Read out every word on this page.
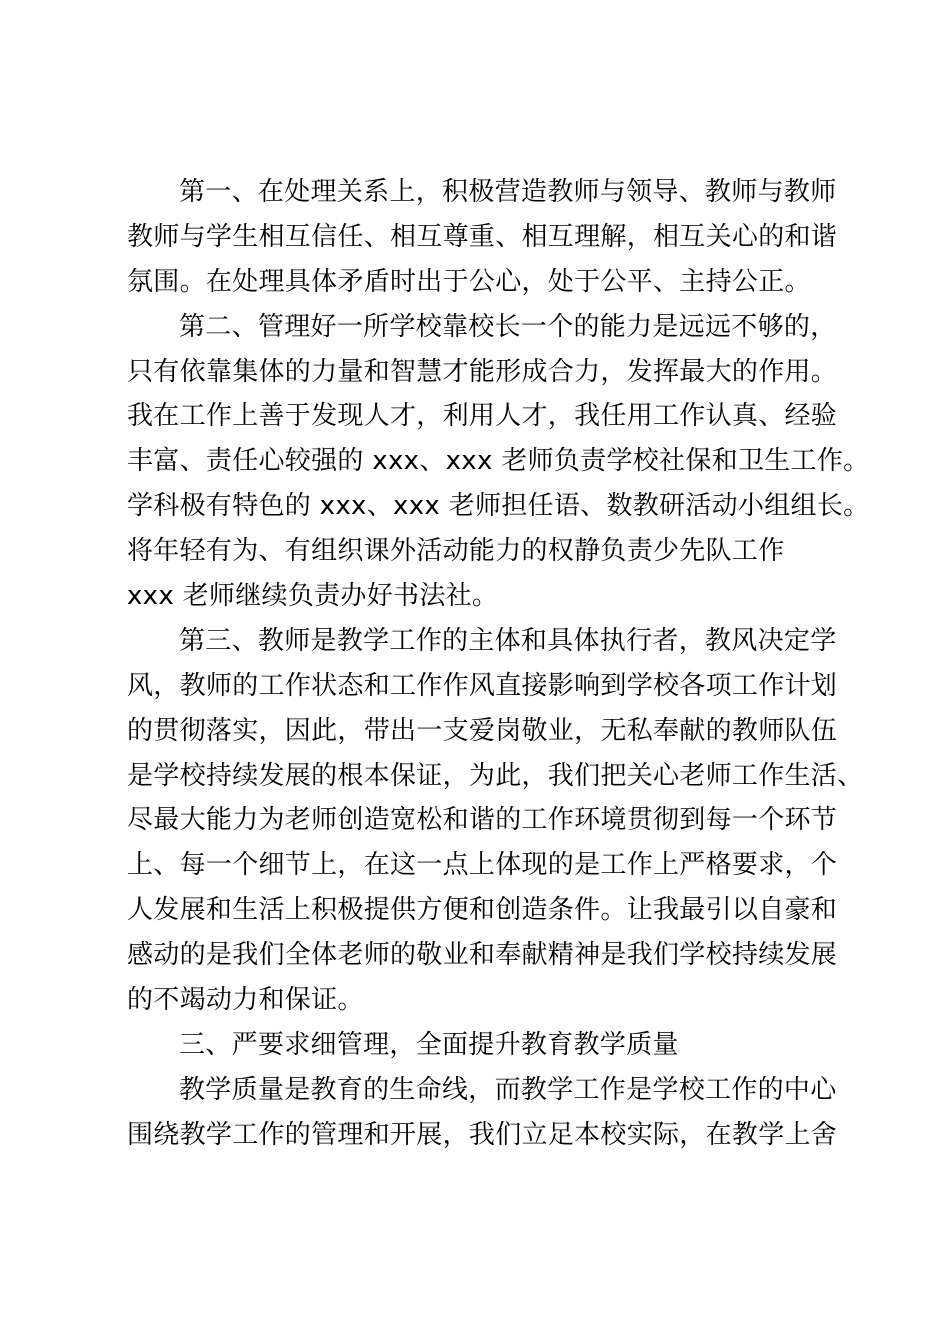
第一、在处理关系上，积极营造教师与领导、教师与教师
教师与学生相互信任、相互尊重、相互理解，相互关心的和谐
氛围。在处理具体矛盾时出于公心，处于公平、主持公正。
第二、管理好一所学校靠校长一个的能力是远远不够的，
只有依靠集体的力量和智慧才能形成合力，发挥最大的作用。
我在工作上善于发现人才，利用人才，我任用工作认真、经验
丰富、责任心较强的 xxx、xxx 老师负责学校社保和卫生工作。
学科极有特色的 xxx、xxx 老师担任语、数教研活动小组组长。
将年轻有为、有组织课外活动能力的权静负责少先队工作
xxx 老师继续负责办好书法社。
第三、教师是教学工作的主体和具体执行者，教风决定学
风，教师的工作状态和工作作风直接影响到学校各项工作计划
的贯彻落实，因此，带出一支爱岗敬业，无私奉献的教师队伍
是学校持续发展的根本保证，为此，我们把关心老师工作生活、
尽最大能力为老师创造宽松和谐的工作环境贯彻到每一个环节
上、每一个细节上，在这一点上体现的是工作上严格要求，个
人发展和生活上积极提供方便和创造条件。让我最引以自豪和
感动的是我们全体老师的敬业和奉献精神是我们学校持续发展
的不竭动力和保证。
三、严要求细管理，全面提升教育教学质量
教学质量是教育的生命线，而教学工作是学校工作的中心
围绕教学工作的管理和开展，我们立足本校实际，在教学上舍
